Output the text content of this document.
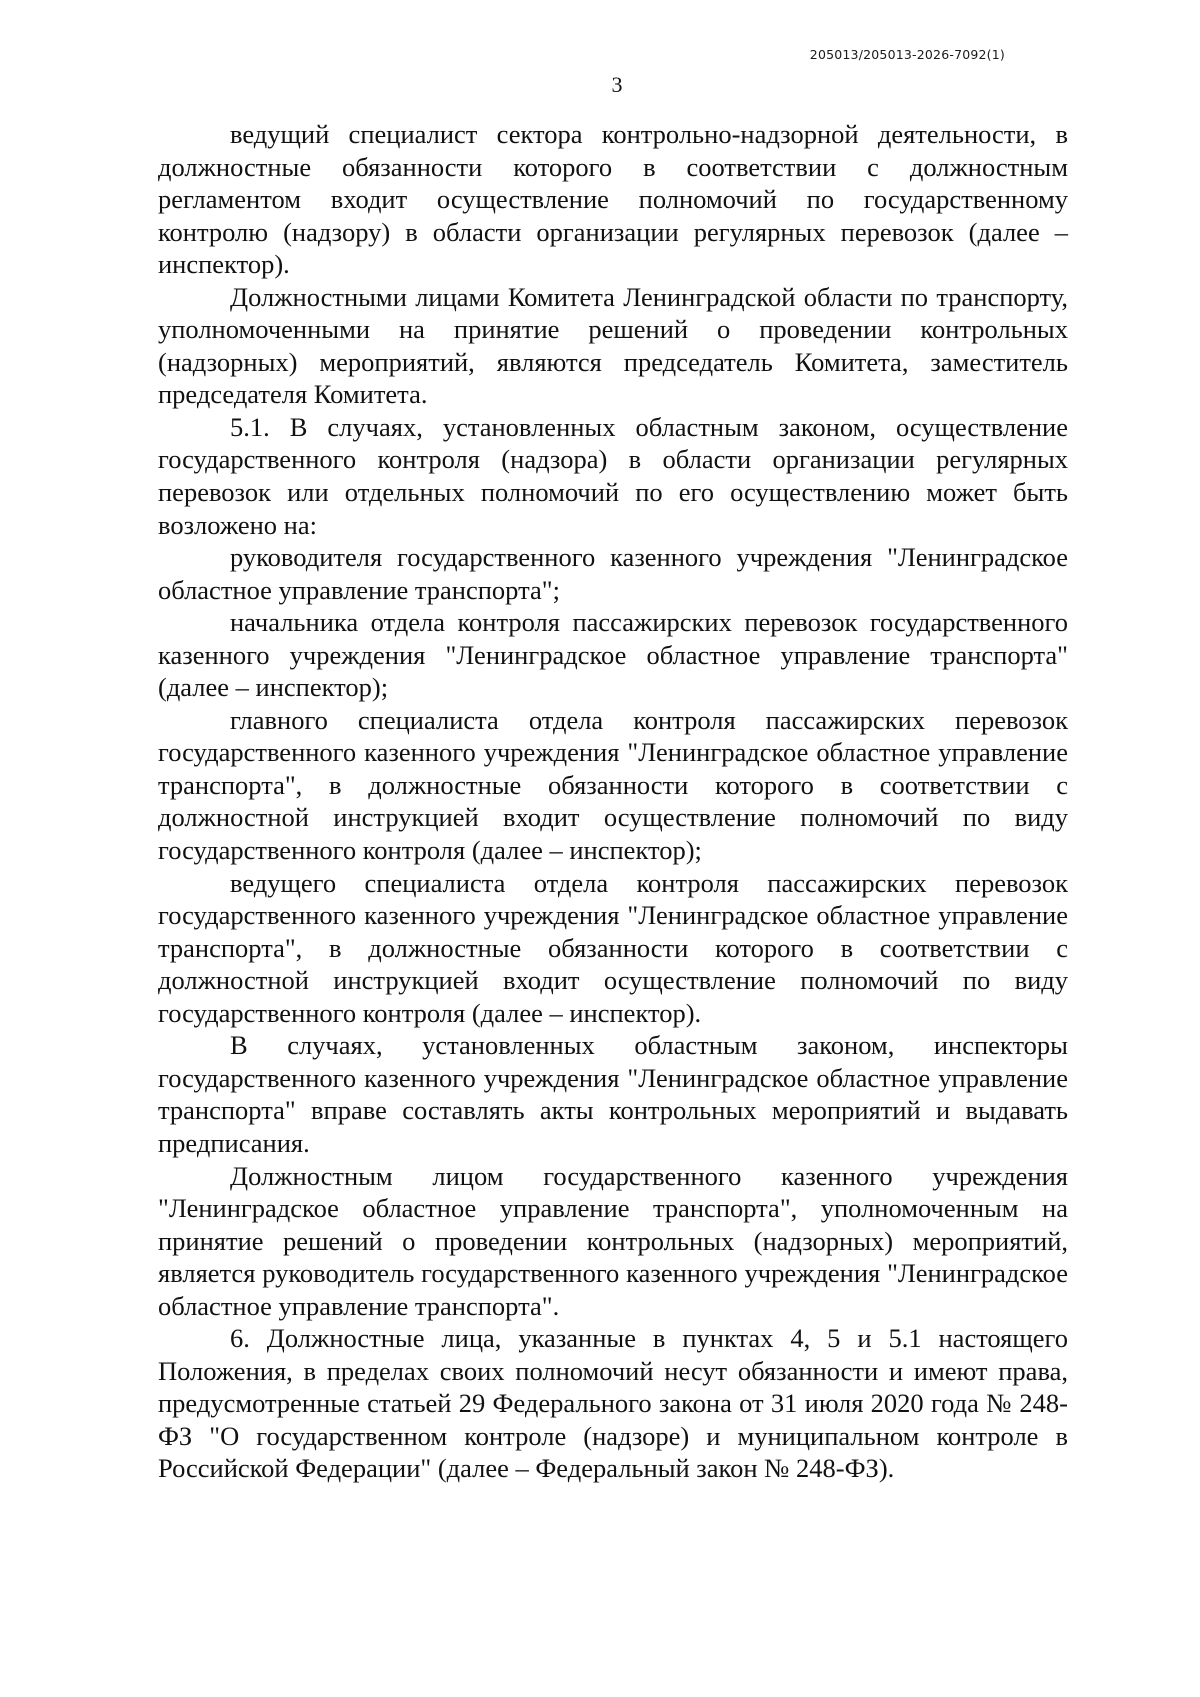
205013/205013-2026-7092(1)
3

ведущий специалист сектора контрольно-надзорной деятельности, в должностные обязанности которого в соответствии с должностным регламентом входит осуществление полномочий по государственному контролю (надзору) в области организации регулярных перевозок (далее – инспектор).

Должностными лицами Комитета Ленинградской области по транспорту, уполномоченными на принятие решений о проведении контрольных (надзорных) мероприятий, являются председатель Комитета, заместитель председателя Комитета.

5.1. В случаях, установленных областным законом, осуществление государственного контроля (надзора) в области организации регулярных перевозок или отдельных полномочий по его осуществлению может быть возложено на:

руководителя государственного казенного учреждения "Ленинградское областное управление транспорта";

начальника отдела контроля пассажирских перевозок государственного казенного учреждения "Ленинградское областное управление транспорта" (далее – инспектор);

главного специалиста отдела контроля пассажирских перевозок государственного казенного учреждения "Ленинградское областное управление транспорта", в должностные обязанности которого в соответствии с должностной инструкцией входит осуществление полномочий по виду государственного контроля (далее – инспектор);

ведущего специалиста отдела контроля пассажирских перевозок государственного казенного учреждения "Ленинградское областное управление транспорта", в должностные обязанности которого в соответствии с должностной инструкцией входит осуществление полномочий по виду государственного контроля (далее – инспектор).

В случаях, установленных областным законом, инспекторы государственного казенного учреждения "Ленинградское областное управление транспорта" вправе составлять акты контрольных мероприятий и выдавать предписания.

Должностным лицом государственного казенного учреждения "Ленинградское областное управление транспорта", уполномоченным на принятие решений о проведении контрольных (надзорных) мероприятий, является руководитель государственного казенного учреждения "Ленинградское областное управление транспорта".

6. Должностные лица, указанные в пунктах 4, 5 и 5.1 настоящего Положения, в пределах своих полномочий несут обязанности и имеют права, предусмотренные статьей 29 Федерального закона от 31 июля 2020 года № 248-ФЗ "О государственном контроле (надзоре) и муниципальном контроле в Российской Федерации" (далее – Федеральный закон № 248-ФЗ).
